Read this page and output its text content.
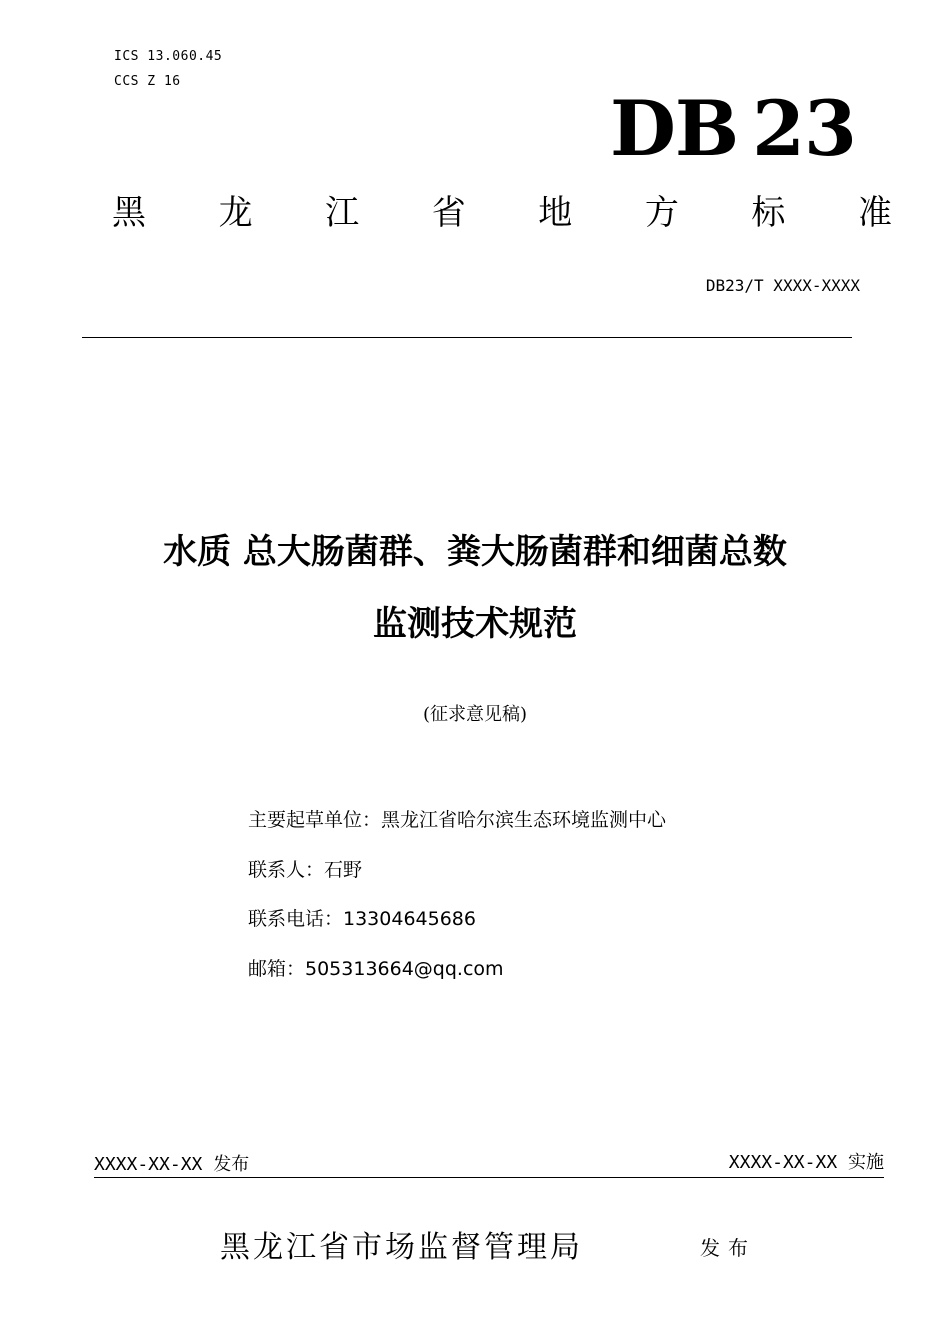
ICS 13.060.45
CCS Z 16
DB 23
黑 龙 江 省 地 方 标 准
DB23/T XXXX-XXXX
水质 总大肠菌群、粪大肠菌群和细菌总数
监测技术规范
(征求意见稿)
主要起草单位：黑龙江省哈尔滨生态环境监测中心
联系人：石野
联系电话：13304645686
邮箱：505313664@qq.com
XXXX-XX-XX 发布	XXXX-XX-XX 实施
黑龙江省市场监督管理局	发布
